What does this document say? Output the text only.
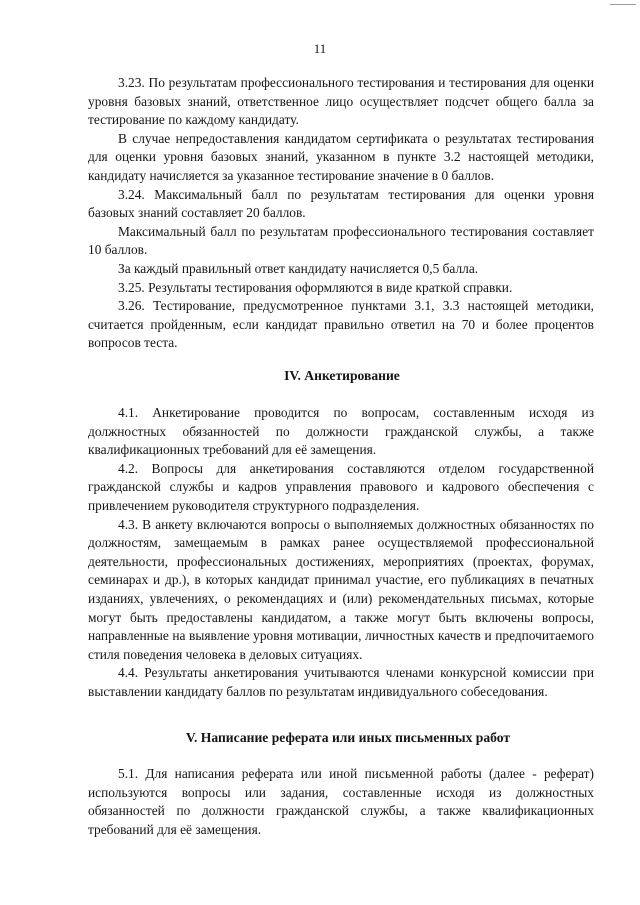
11

3.23. По результатам профессионального тестирования и тестирования для оценки уровня базовых знаний, ответственное лицо осуществляет подсчет общего балла за тестирование по каждому кандидату.

В случае непредоставления кандидатом сертификата о результатах тестирования для оценки уровня базовых знаний, указанном в пункте 3.2 настоящей методики, кандидату начисляется за указанное тестирование значение в 0 баллов.

3.24. Максимальный балл по результатам тестирования для оценки уровня базовых знаний составляет 20 баллов.

Максимальный балл по результатам профессионального тестирования составляет 10 баллов.

За каждый правильный ответ кандидату начисляется 0,5 балла.

3.25. Результаты тестирования оформляются в виде краткой справки.

3.26. Тестирование, предусмотренное пунктами 3.1, 3.3 настоящей методики, считается пройденным, если кандидат правильно ответил на 70 и более процентов вопросов теста.

IV. Анкетирование

4.1. Анкетирование проводится по вопросам, составленным исходя из должностных обязанностей по должности гражданской службы, а также квалификационных требований для её замещения.

4.2. Вопросы для анкетирования составляются отделом государственной гражданской службы и кадров управления правового и кадрового обеспечения с привлечением руководителя структурного подразделения.

4.3. В анкету включаются вопросы о выполняемых должностных обязанностях по должностям, замещаемым в рамках ранее осуществляемой профессиональной деятельности, профессиональных достижениях, мероприятиях (проектах, форумах, семинарах и др.), в которых кандидат принимал участие, его публикациях в печатных изданиях, увлечениях, о рекомендациях и (или) рекомендательных письмах, которые могут быть предоставлены кандидатом, а также могут быть включены вопросы, направленные на выявление уровня мотивации, личностных качеств и предпочитаемого стиля поведения человека в деловых ситуациях.

4.4. Результаты анкетирования учитываются членами конкурсной комиссии при выставлении кандидату баллов по результатам индивидуального собеседования.

V. Написание реферата или иных письменных работ

5.1. Для написания реферата или иной письменной работы (далее - реферат) используются вопросы или задания, составленные исходя из должностных обязанностей по должности гражданской службы, а также квалификационных требований для её замещения.
